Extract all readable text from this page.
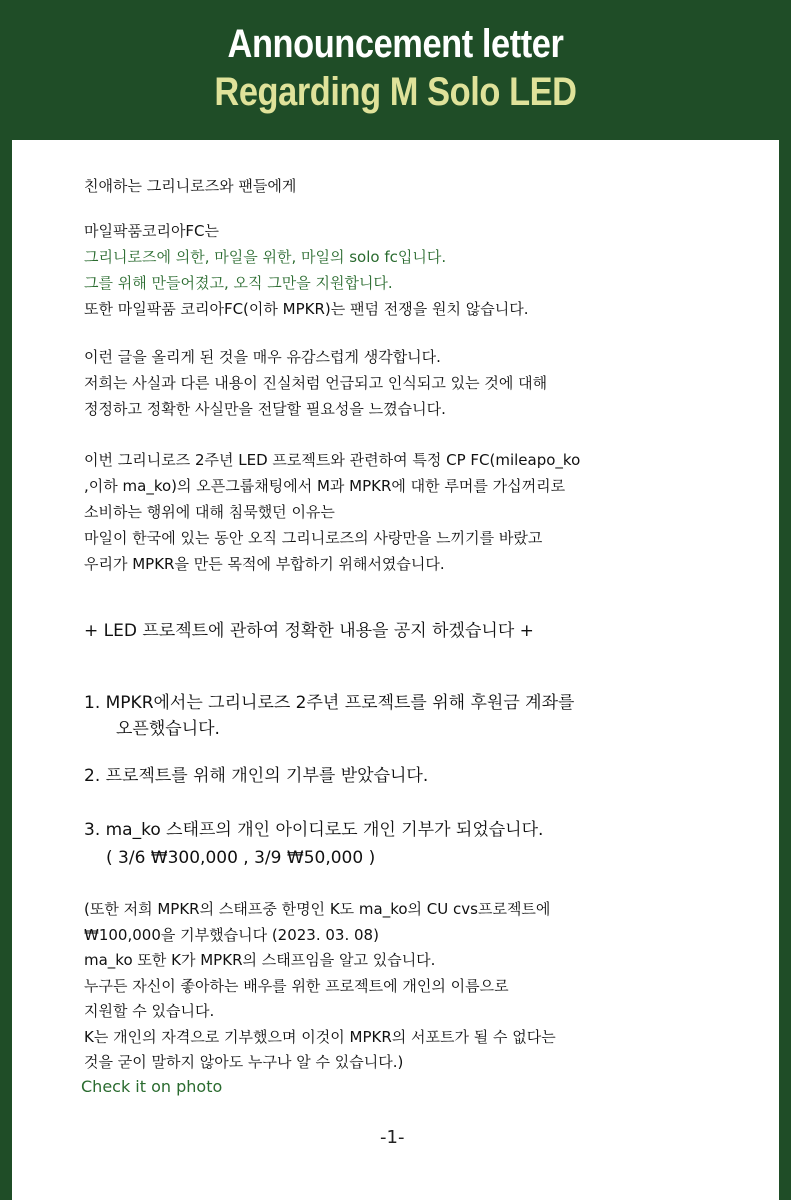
Announcement letter
Regarding M Solo LED
친애하는 그리니로즈와 팬들에게
마일팍품코리아FC는
그리니로즈에 의한, 마일을 위한, 마일의 solo fc입니다.
그를 위해 만들어졌고, 오직 그만을 지원합니다.
또한 마일팍품 코리아FC(이하 MPKR)는 팬덤 전쟁을 원치 않습니다.
이런 글을 올리게 된 것을 매우 유감스럽게 생각합니다.
저희는 사실과 다른 내용이 진실처럼 언급되고 인식되고 있는 것에 대해
정정하고 정확한 사실만을 전달할 필요성을 느꼈습니다.
이번 그리니로즈 2주년 LED 프로젝트와 관련하여 특정 CP FC(mileapo_ko
,이하 ma_ko)의 오픈그룹채팅에서 M과 MPKR에 대한 루머를 가십꺼리로
소비하는 행위에 대해 침묵했던 이유는
마일이 한국에 있는 동안 오직 그리니로즈의 사랑만을 느끼기를 바랐고
우리가 MPKR을 만든 목적에 부합하기 위해서였습니다.
+ LED 프로젝트에 관하여 정확한 내용을 공지 하겠습니다 +
1. MPKR에서는 그리니로즈 2주년 프로젝트를 위해 후원금 계좌를
오픈했습니다.
2. 프로젝트를 위해 개인의 기부를 받았습니다.
3. ma_ko 스태프의 개인 아이디로도 개인 기부가 되었습니다.
( 3/6 ₩300,000 , 3/9 ₩50,000 )
(또한 저희 MPKR의 스태프중 한명인 K도 ma_ko의 CU cvs프로젝트에
₩100,000을 기부했습니다 (2023. 03. 08)
ma_ko 또한 K가 MPKR의 스태프임을 알고 있습니다.
누구든 자신이 좋아하는 배우를 위한 프로젝트에 개인의 이름으로
지원할 수 있습니다.
K는 개인의 자격으로 기부했으며 이것이 MPKR의 서포트가 될 수 없다는
것을 굳이 말하지 않아도 누구나 알 수 있습니다.)
Check it on photo
-1-
